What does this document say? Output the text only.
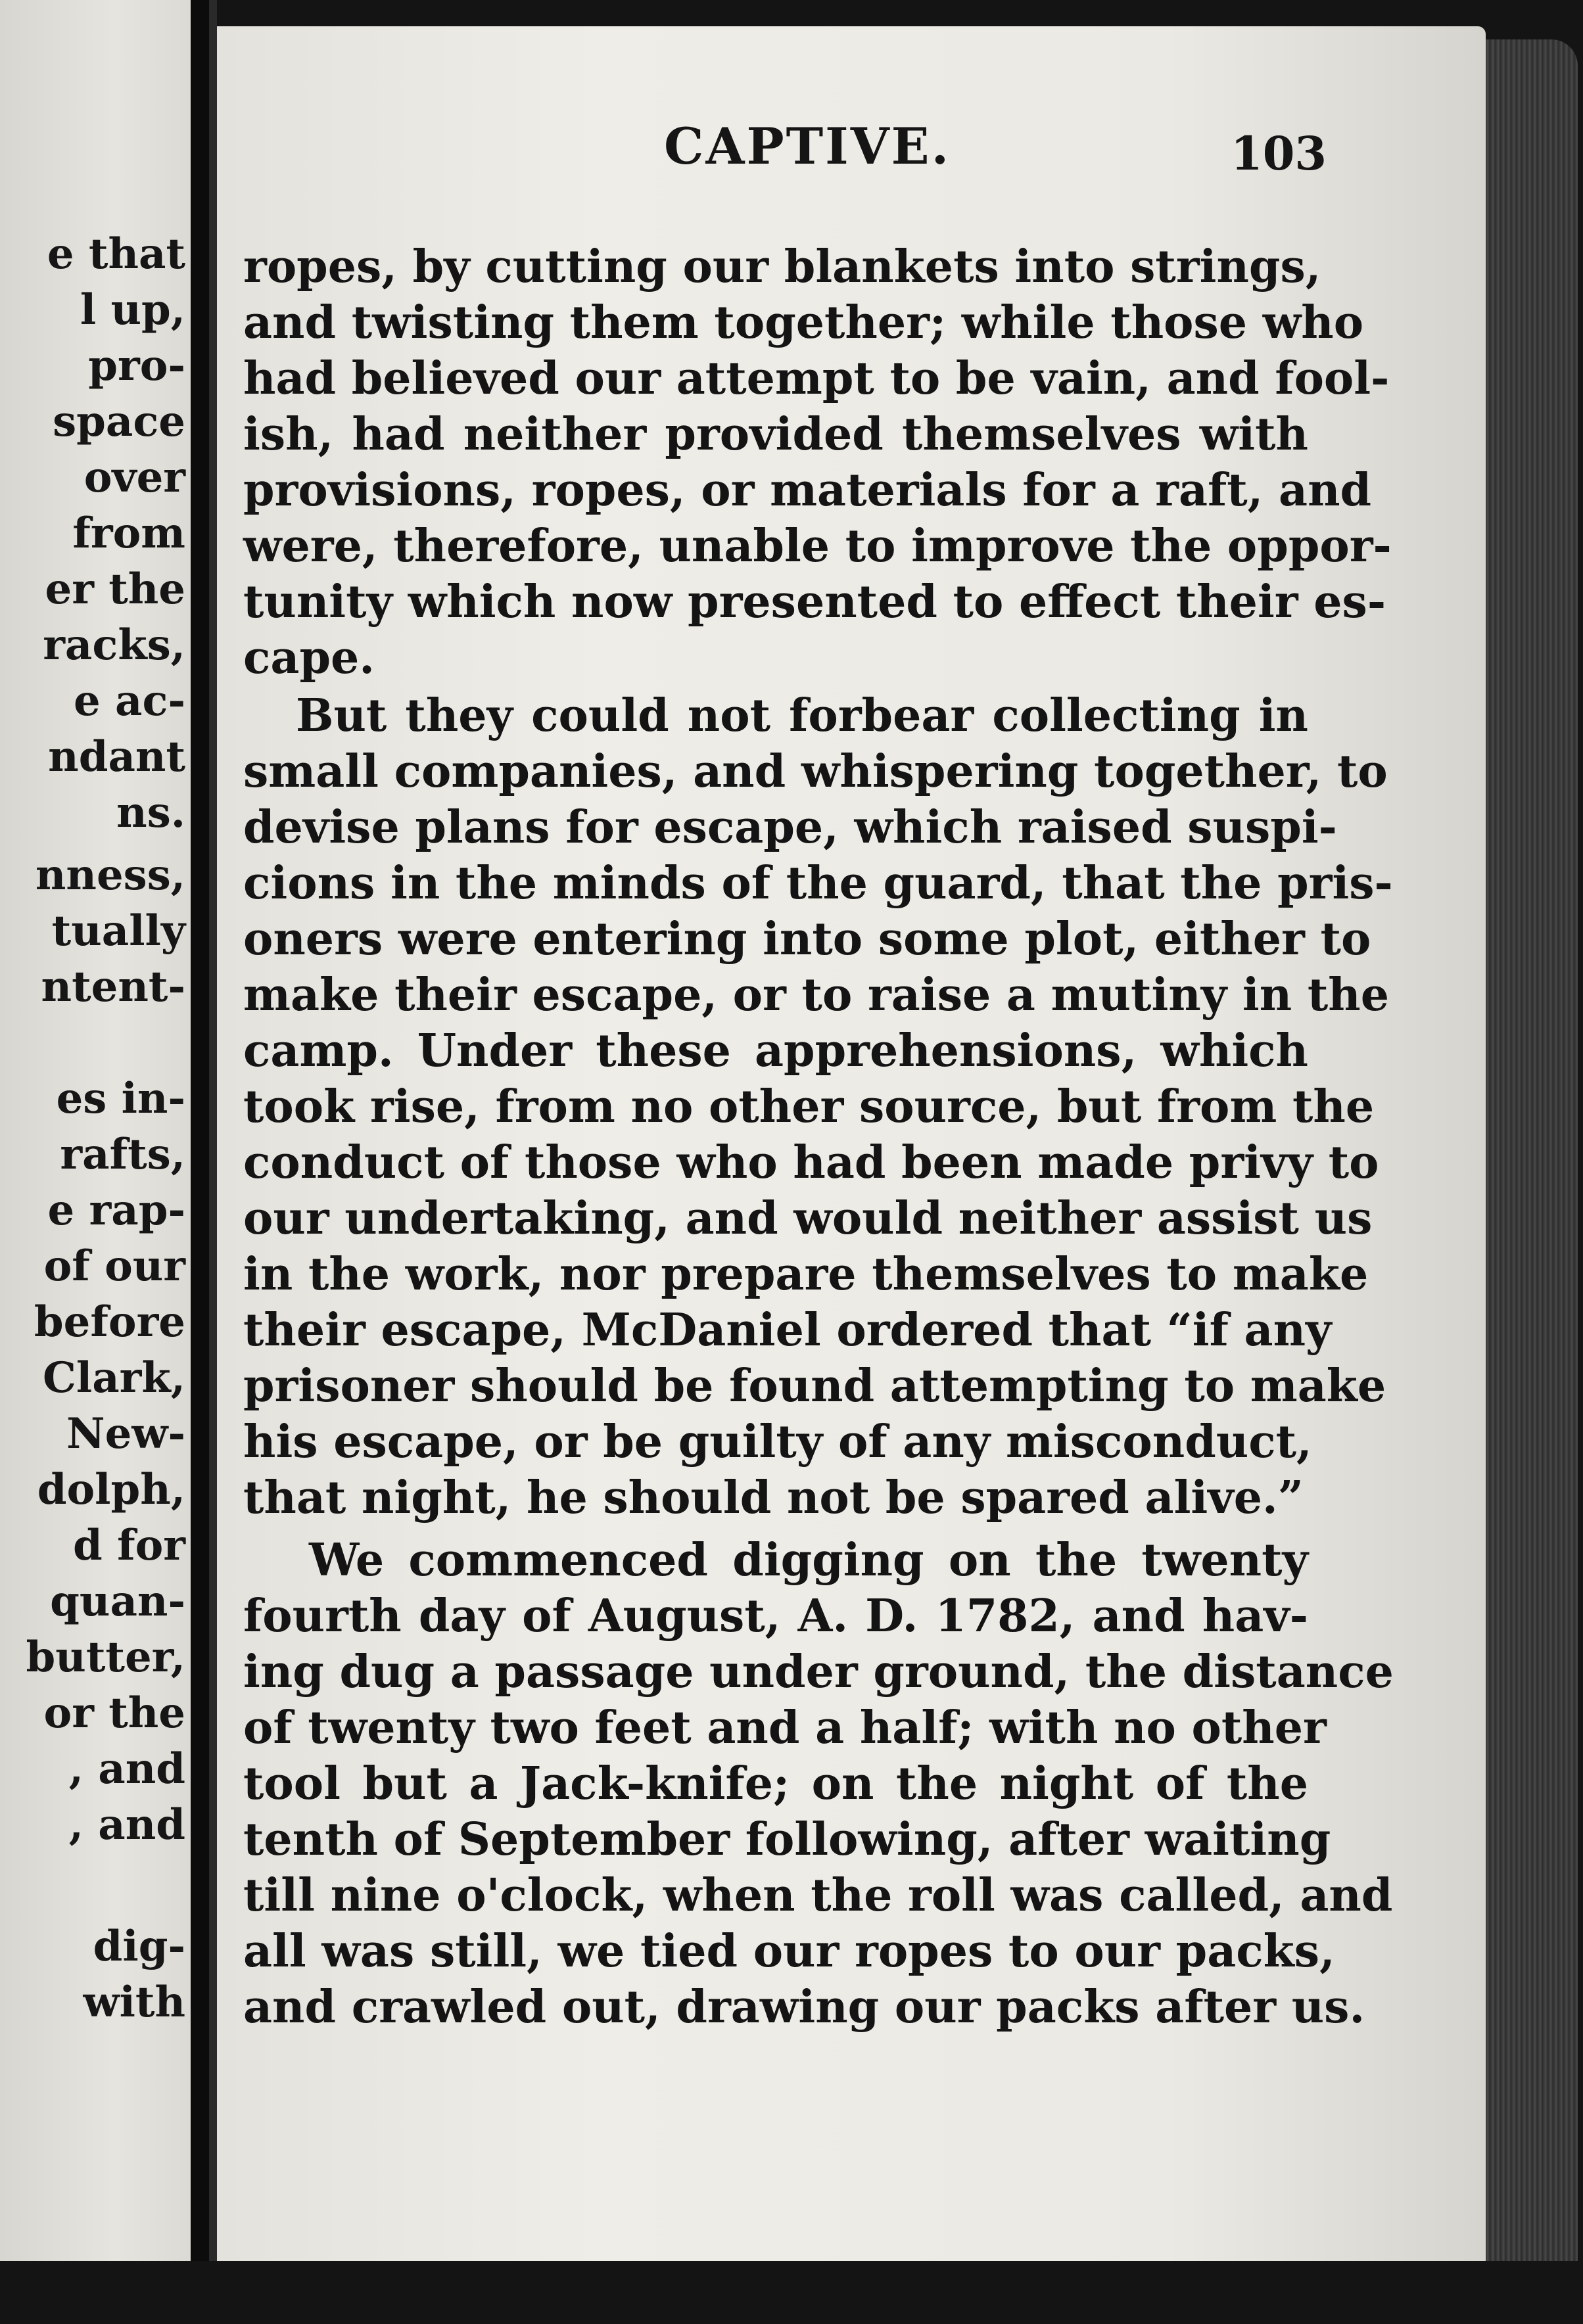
e that
l up,
pro-
space
over
from
er the
racks,
e ac-
ndant
ns.
nness,
tually
ntent-
es in-
rafts,
e rap-
of our
before
Clark,
New-
dolph,
d for
quan-
butter,
or the
, and
, and
dig-
with
CAPTIVE.	103
ropes, by cutting our blankets into strings,
and twisting them together; while those who
had believed our attempt to be vain, and fool-
ish, had neither provided themselves with
provisions, ropes, or materials for a raft, and
were, therefore, unable to improve the oppor-
tunity which now presented to effect their es-
cape.
But they could not forbear collecting in
small companies, and whispering together, to
devise plans for escape, which raised suspi-
cions in the minds of the guard, that the pris-
oners were entering into some plot, either to
make their escape, or to raise a mutiny in the
camp. Under these apprehensions, which
took rise, from no other source, but from the
conduct of those who had been made privy to
our undertaking, and would neither assist us
in the work, nor prepare themselves to make
their escape, McDaniel ordered that “if any
prisoner should be found attempting to make
his escape, or be guilty of any misconduct,
that night, he should not be spared alive.”
We commenced digging on the twenty
fourth day of August, A. D. 1782, and hav-
ing dug a passage under ground, the distance
of twenty two feet and a half; with no other
tool but a Jack-knife; on the night of the
tenth of September following, after waiting
till nine o'clock, when the roll was called, and
all was still, we tied our ropes to our packs,
and crawled out, drawing our packs after us.
